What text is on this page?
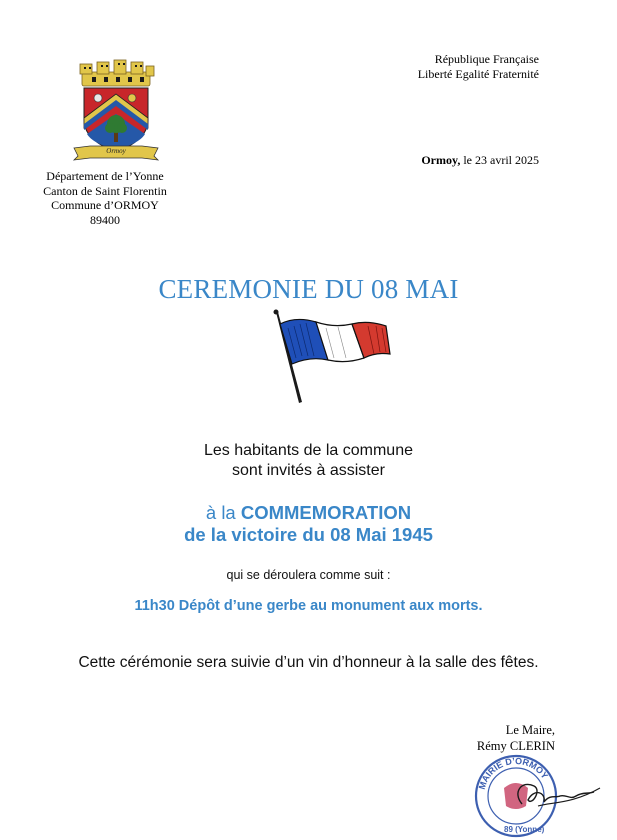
Ormoy
République Française
Liberté Egalité Fraternité
Ormoy, le 23 avril 2025
Département de l’Yonne
Canton de Saint Florentin
Commune d’ORMOY
89400
CEREMONIE DU 08 MAI
Les habitants de la commune
sont invités à assister
à la COMMEMORATION
de la victoire du 08 Mai 1945
qui se déroulera comme suit :
11h30 Dépôt d’une gerbe au monument aux morts.
Cette cérémonie sera suivie d’un vin d’honneur à la salle des fêtes.
Le Maire,
Rémy CLERIN
MAIRIE D’ORMOY
89 (Yonne)
